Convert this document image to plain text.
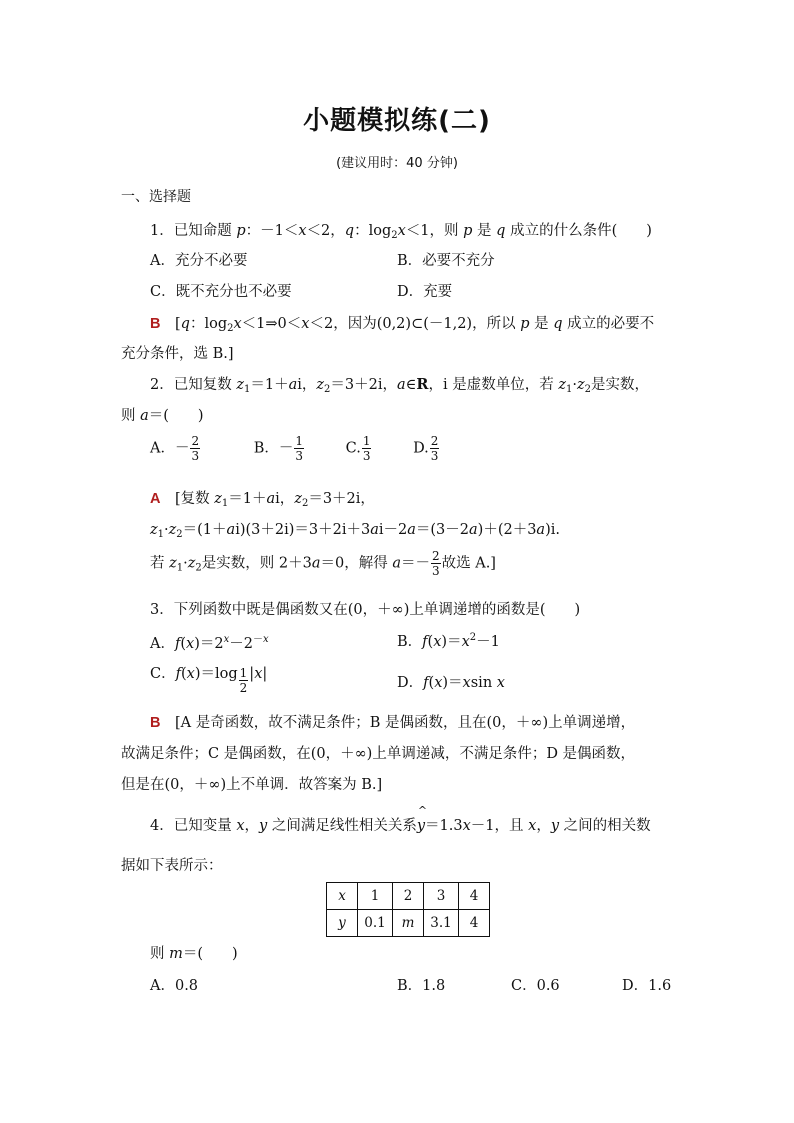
小题模拟练(二)
(建议用时：40 分钟)
一、选择题
1．已知命题 p：－1＜x＜2，q：$\log_2x<1$，则 p 是 q 成立的什么条件(　　)
A．充分不必要	B．必要不充分
C．既不充分也不必要	D．充要
B　[q：$\log_2x<1\Rightarrow 0<x<2$，因为(0,2)⊂(－1,2)，所以 p 是 q 成立的必要不
充分条件，选 B.]
2．已知复数 $z_1=1+ai$，$z_2=3+2i$，a∈R，i 是虚数单位，若 $z_1\cdot z_2$是实数，
则 a＝(　　)
A．－ $\frac{2}{3}$	B．－ $\frac{1}{3}$	C. $\frac{1}{3}$	D. $\frac{2}{3}$
A　[复数 $z_1=1+ai$，$z_2=3+2i$，
$z_1\cdot z_2=(1+ai)(3+2i)=3+2i+3ai-2a=(3-2a)+(2+3a)i$.
若 $z_1\cdot z_2$是实数，则 2＋3a＝0，解得 $a=- \frac{2}{3}$ 故选 A.]
3．下列函数中既是偶函数又在(0，＋∞)上单调递增的函数是(　　)
A．$f(x)=2^x-2^{-x}$	B．$f(x)=x^2-1$
C．$f(x)=\log \frac{1}{2} |x|$
D．f(x)＝xsin x
B　 [A 是奇函数，故不满足条件；B 是偶函数，且在(0，＋∞)上单调递增，
故满足条件；C 是偶函数，在(0，＋∞)上单调递减，不满足条件；D 是偶函数，
但是在(0，＋∞)上不单调．故答案为 B.]
4．已知变量 x，y 之间满足线性相关关系
^
y＝1.3x－1，且 x，y 之间的相关数
据如下表所示：
x	1	2	3	4
y	0.1	m	3.1	4
则 m＝(　　)
A．0.8	B．1.8	C．0.6	D．1.6
